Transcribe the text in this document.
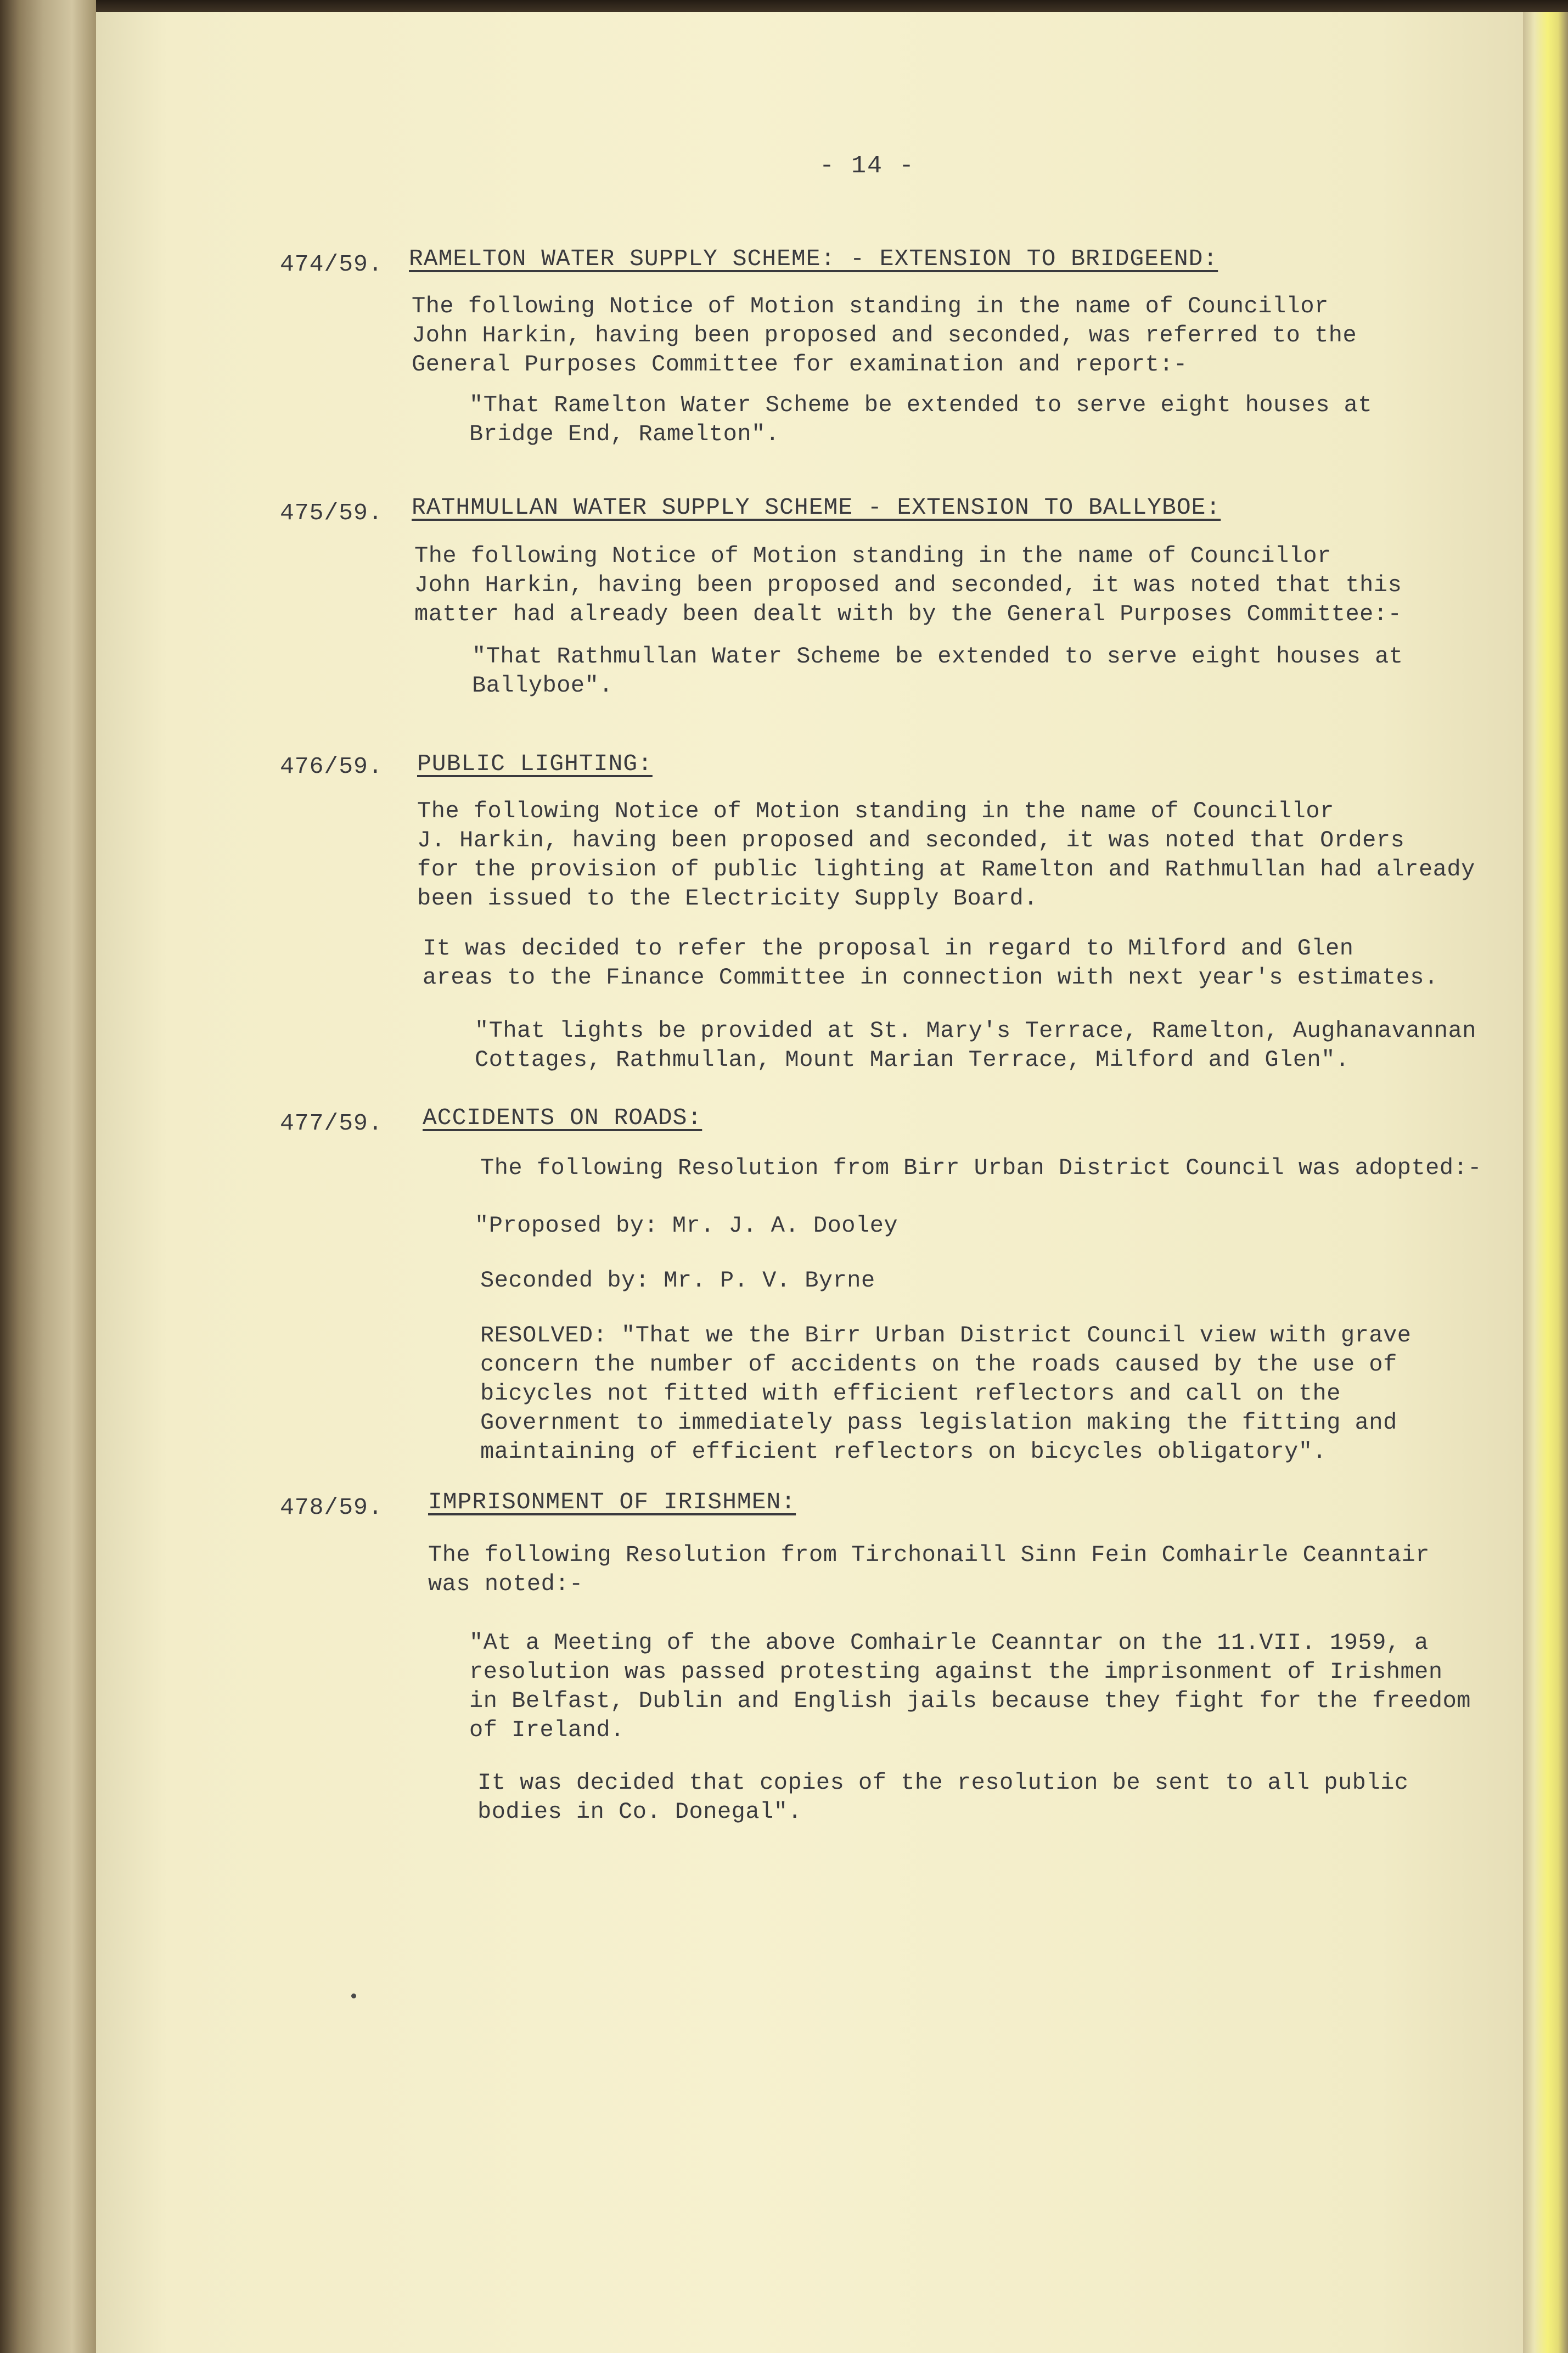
- 14 -
474/59. RAMELTON WATER SUPPLY SCHEME: - EXTENSION TO BRIDGEEND:

The following Notice of Motion standing in the name of Councillor
John Harkin, having been proposed and seconded, was referred to the
General Purposes Committee for examination and report:-

"That Ramelton Water Scheme be extended to serve eight houses at
Bridge End, Ramelton".

475/59. RATHMULLAN WATER SUPPLY SCHEME - EXTENSION TO BALLYBOE:

The following Notice of Motion standing in the name of Councillor
John Harkin, having been proposed and seconded, it was noted that this
matter had already been dealt with by the General Purposes Committee:-

"That Rathmullan Water Scheme be extended to serve eight houses at
Ballyboe".

476/59. PUBLIC LIGHTING:

The following Notice of Motion standing in the name of Councillor
J. Harkin, having been proposed and seconded, it was noted that Orders
for the provision of public lighting at Ramelton and Rathmullan had already
been issued to the Electricity Supply Board.

It was decided to refer the proposal in regard to Milford and Glen
areas to the Finance Committee in connection with next year's estimates.

"That lights be provided at St. Mary's Terrace, Ramelton, Aughanavannan
Cottages, Rathmullan, Mount Marian Terrace, Milford and Glen".

477/59. ACCIDENTS ON ROADS:

The following Resolution from Birr Urban District Council was adopted:-

"Proposed by: Mr. J. A. Dooley

Seconded by: Mr. P. V. Byrne

RESOLVED: "That we the Birr Urban District Council view with grave
concern the number of accidents on the roads caused by the use of
bicycles not fitted with efficient reflectors and call on the
Government to immediately pass legislation making the fitting and
maintaining of efficient reflectors on bicycles obligatory".

478/59. IMPRISONMENT OF IRISHMEN:

The following Resolution from Tirchonaill Sinn Fein Comhairle Ceanntair
was noted:-

"At a Meeting of the above Comhairle Ceanntar on the 11.VII. 1959, a
resolution was passed protesting against the imprisonment of Irishmen
in Belfast, Dublin and English jails because they fight for the freedom
of Ireland.

It was decided that copies of the resolution be sent to all public
bodies in Co. Donegal".
